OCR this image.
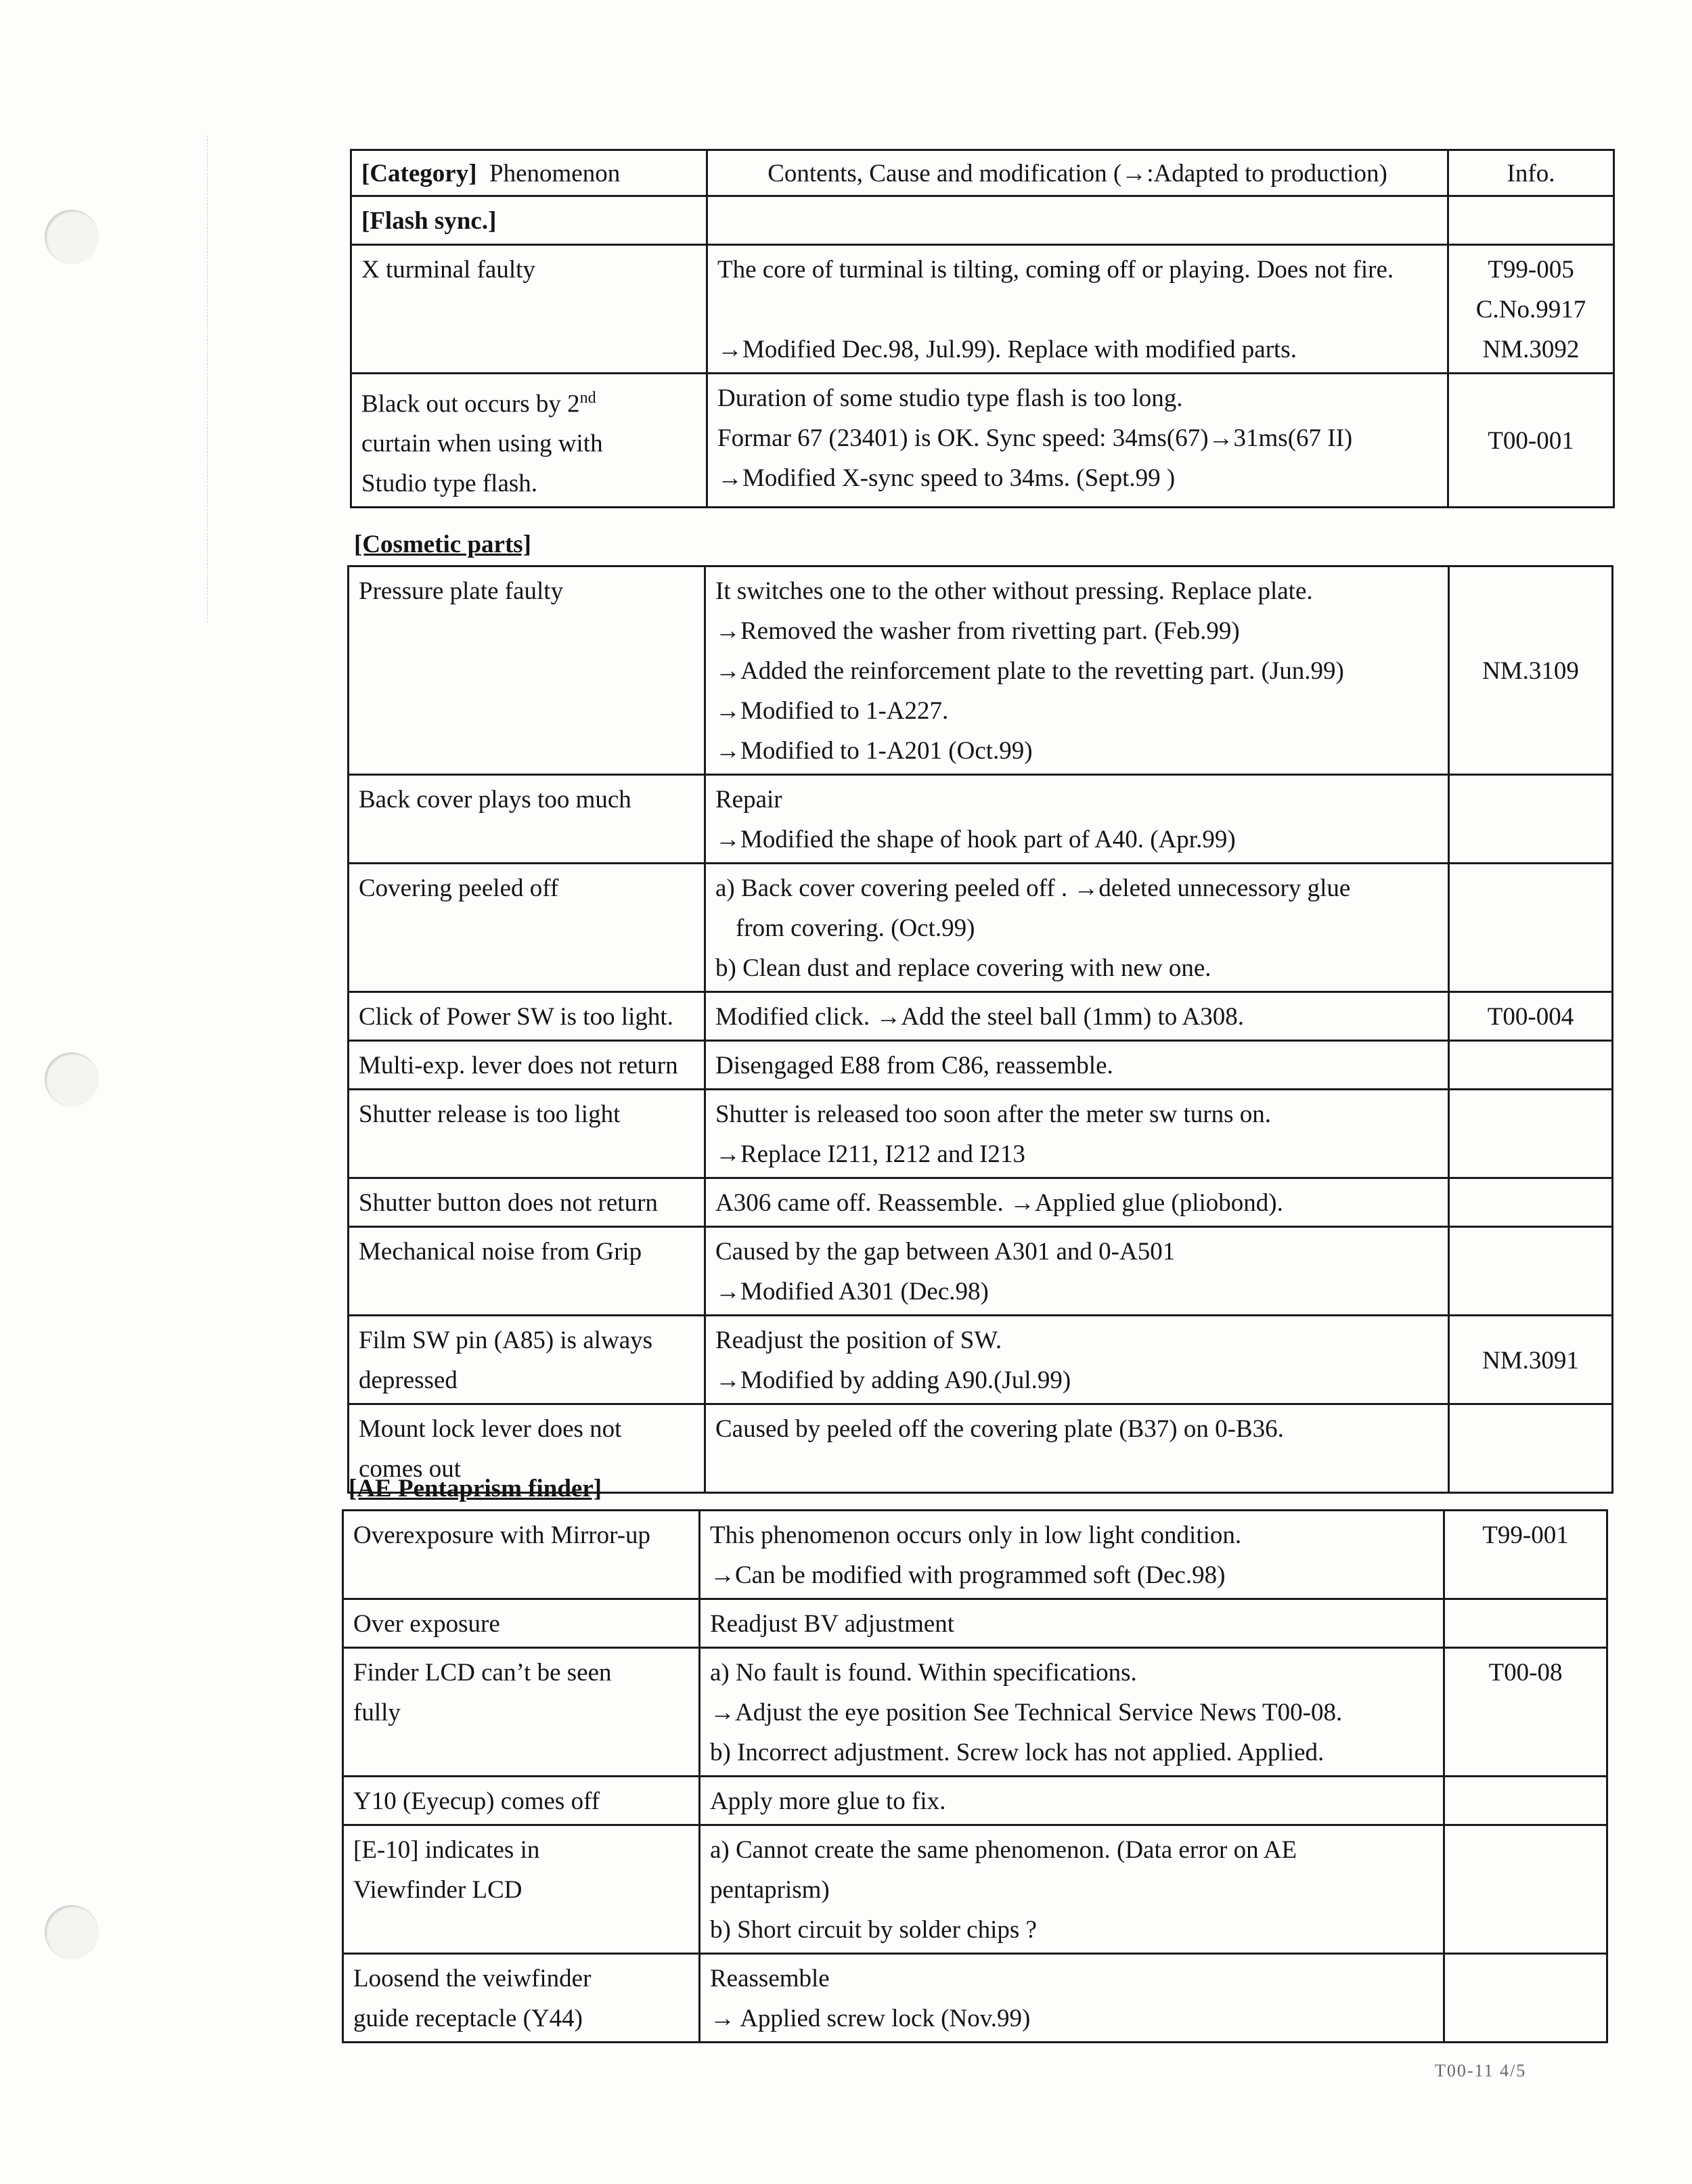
[Category] Phenomenon	Contents, Cause and modification (→:Adapted to production)	Info.
[Flash sync.]		

X turminal faulty	The core of turminal is tilting, coming off or playing. Does not fire.

→Modified Dec.98, Jul.99). Replace with modified parts.	T99-005
C.No.9917
NM.3092

Black out occurs by 2nd
curtain when using with
Studio type flash.	Duration of some studio type flash is too long.
Formar 67 (23401) is OK. Sync speed: 34ms(67)→31ms(67 II)
→Modified X-sync speed to 34ms. (Sept.99 )	T00-001

[Cosmetic parts]

Pressure plate faulty	It switches one to the other without pressing. Replace plate.
→Removed the washer from rivetting part. (Feb.99)
→Added the reinforcement plate to the revetting part. (Jun.99)
→Modified to 1-A227.
→Modified to 1-A201 (Oct.99)	NM.3109

Back cover plays too much	Repair
→Modified the shape of hook part of A40. (Apr.99)	

Covering peeled off	a) Back cover covering peeled off . →deleted unnecessory glue
from covering. (Oct.99)
b) Clean dust and replace covering with new one.	

Click of Power SW is too light.	Modified click. →Add the steel ball (1mm) to A308.	T00-004

Multi-exp. lever does not return	Disengaged E88 from C86, reassemble.	

Shutter release is too light	Shutter is released too soon after the meter sw turns on.
→Replace I211, I212 and I213	

Shutter button does not return	A306 came off. Reassemble. →Applied glue (pliobond).	

Mechanical noise from Grip	Caused by the gap between A301 and 0-A501
→Modified A301 (Dec.98)	

Film SW pin (A85) is always
depressed	Readjust the position of SW.
→Modified by adding A90.(Jul.99)	NM.3091

Mount lock lever does not
comes out	Caused by peeled off the covering plate (B37) on 0-B36.	

[AE Pentaprism finder]

Overexposure with Mirror-up	This phenomenon occurs only in low light condition.
→Can be modified with programmed soft (Dec.98)	T99-001

Over exposure	Readjust BV adjustment	

Finder LCD can’t be seen
fully	a) No fault is found. Within specifications.
→Adjust the eye position See Technical Service News T00-08.
b) Incorrect adjustment. Screw lock has not applied. Applied.	T00-08

Y10 (Eyecup) comes off	Apply more glue to fix.	

[E-10] indicates in
Viewfinder LCD	a) Cannot create the same phenomenon. (Data error on AE
pentaprism)
b) Short circuit by solder chips ?	

Loosend the veiwfinder
guide receptacle (Y44)	Reassemble
→ Applied screw lock (Nov.99)	

T00-11 4/5
